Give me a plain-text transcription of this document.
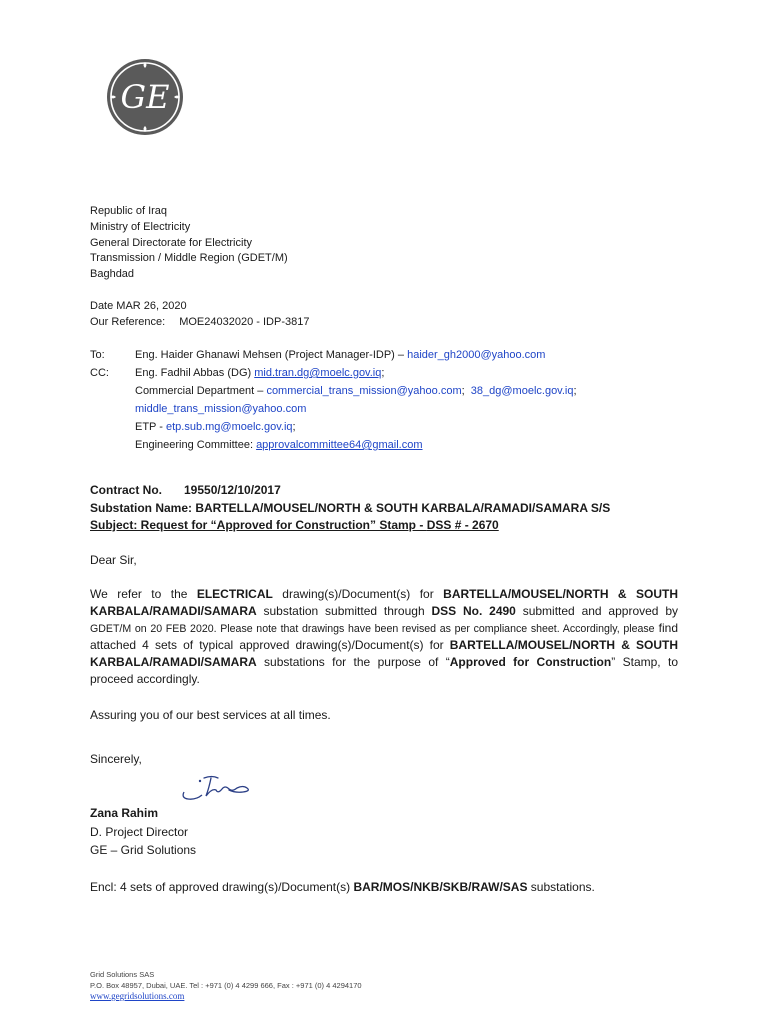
GE
Republic of Iraq
Ministry of Electricity
General Directorate for Electricity
Transmission / Middle Region (GDET/M)
Baghdad
Date MAR 26, 2020
Our Reference: MOE24032020 - IDP-3817
To:	Eng. Haider Ghanawi Mehsen (Project Manager-IDP) – haider_gh2000@yahoo.com
CC:	Eng. Fadhil Abbas (DG) mid.tran.dg@moelc.gov.iq;
Commercial Department – commercial_trans_mission@yahoo.com;  38_dg@moelc.gov.iq;
middle_trans_mission@yahoo.com
ETP - etp.sub.mg@moelc.gov.iq;
Engineering Committee: approvalcommittee64@gmail.com
Contract No. 19550/12/10/2017
Substation Name: BARTELLA/MOUSEL/NORTH & SOUTH KARBALA/RAMADI/SAMARA S/S
Subject: Request for “Approved for Construction” Stamp - DSS # - 2670
Dear Sir,
We refer to the ELECTRICAL drawing(s)/Document(s) for BARTELLA/MOUSEL/NORTH & SOUTH KARBALA/RAMADI/SAMARA substation submitted through DSS No. 2490 submitted and approved by GDET/M on 20 FEB 2020. Please note that drawings have been revised as per compliance sheet. Accordingly, please find attached 4 sets of typical approved drawing(s)/Document(s) for BARTELLA/MOUSEL/NORTH & SOUTH KARBALA/RAMADI/SAMARA substations for the purpose of “Approved for Construction” Stamp, to proceed accordingly.
Assuring you of our best services at all times.
Sincerely,
Zana Rahim
D. Project Director
GE – Grid Solutions
Encl: 4 sets of approved drawing(s)/Document(s) BAR/MOS/NKB/SKB/RAW/SAS substations.
Grid Solutions SAS
P.O. Box 48957, Dubai, UAE. Tel : +971 (0) 4 4299 666, Fax : +971 (0) 4 4294170
www.gegridsolutions.com
